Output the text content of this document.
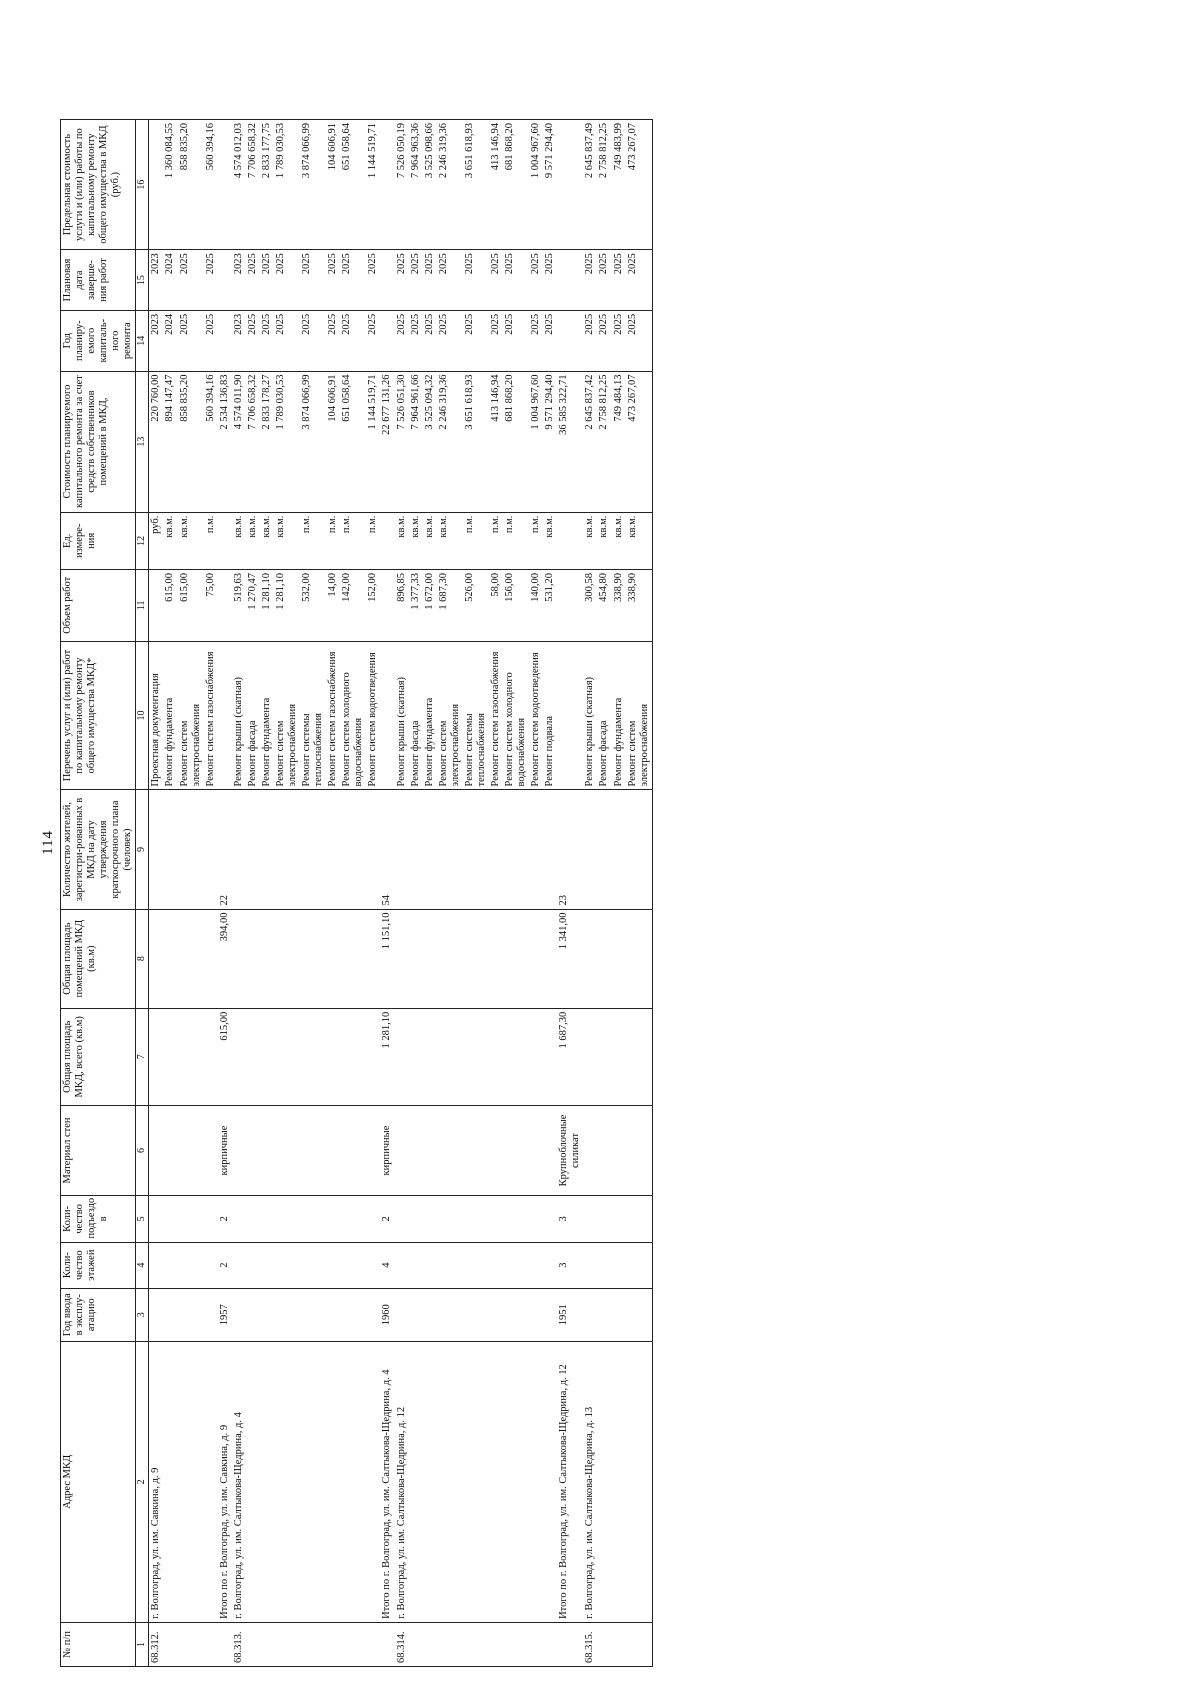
114
№ п/п	Адрес МКД	Год ввода в эксплу-атацию	Коли-чество этажей	Коли-чество подъездо в	Материал стен	Общая площадь МКД, всего (кв.м)	Общая площадь помещений МКД (кв.м)	Количество жителей, зарегистри-рованных в МКД на дату утверждения краткосрочного плана (человек)	Перечень услуг и (или) работ по капитальному ремонту общего имущества МКД*	Объем работ	Ед. измере-ния	Стоимость планируемого капитального ремонта за счет средств собственников помещений в МКД,	Год планиру-емого капиталь-ного ремонта	Плановая дата заверше-ния работ	Предельная стоимость услуги и (или) работы по капитальному ремонту общего имущества в МКД (руб.)
1	2	3	4	5	6	7	8	9	10	11	12	13	14	15	16
68.312.	г. Волгоград, ул. им. Савкина, д. 9								Проектная документация		руб.	220 760,00	2023	2023	
									Ремонт фундамента	615,00	кв.м.	894 147,47	2024	2024	1 360 084,55
									Ремонт систем электроснабжения	615,00	кв.м.	858 835,20	2025	2025	858 835,20
									Ремонт систем газоснабжения	75,00	п.м.	560 394,16	2025	2025	560 394,16
	Итого по г. Волгоград, ул. им. Савкина, д. 9	1957	2	2	кирпичные	615,00	394,00	22				2 534 136,83			
68.313.	г. Волгоград, ул. им. Салтыкова-Щедрина, д. 4								Ремонт крыши (скатная)	519,63	кв.м.	4 574 011,90	2023	2023	4 574 012,03
									Ремонт фасада	1 270,47	кв.м.	7 706 658,32	2025	2025	7 706 658,32
									Ремонт фундамента	1 281,10	кв.м.	2 833 178,27	2025	2025	2 833 177,75
									Ремонт систем электроснабжения	1 281,10	кв.м.	1 789 030,53	2025	2025	1 789 030,53
									Ремонт системы теплоснабжения	532,00	п.м.	3 874 066,99	2025	2025	3 874 066,99
									Ремонт систем газоснабжения	14,00	п.м.	104 606,91	2025	2025	104 606,91
									Ремонт систем холодного водоснабжения	142,00	п.м.	651 058,64	2025	2025	651 058,64
									Ремонт систем водоотведения	152,00	п.м.	1 144 519,71	2025	2025	1 144 519,71
	Итого по г. Волгоград, ул. им. Салтыкова-Щедрина, д. 4	1960	4	2	кирпичные	1 281,10	1 151,10	54				22 677 131,26			
68.314.	г. Волгоград, ул. им. Салтыкова-Щедрина, д. 12								Ремонт крыши (скатная)	896,85	кв.м.	7 526 051,30	2025	2025	7 526 050,19
									Ремонт фасада	1 377,33	кв.м.	7 964 961,66	2025	2025	7 964 963,36
									Ремонт фундамента	1 672,00	кв.м.	3 525 094,32	2025	2025	3 525 098,66
									Ремонт систем электроснабжения	1 687,30	кв.м.	2 246 319,36	2025	2025	2 246 319,36
									Ремонт системы теплоснабжения	526,00	п.м.	3 651 618,93	2025	2025	3 651 618,93
									Ремонт систем газоснабжения	58,00	п.м.	413 146,94	2025	2025	413 146,94
									Ремонт систем холодного водоснабжения	156,00	п.м.	681 868,20	2025	2025	681 868,20
									Ремонт систем водоотведения	140,00	п.м.	1 004 967,60	2025	2025	1 004 967,60
									Ремонт подвала	531,20	кв.м.	9 571 294,40	2025	2025	9 571 294,40
	Итого по г. Волгоград, ул. им. Салтыкова-Щедрина, д. 12	1951	3	3	Крупноблочные силикат	1 687,30	1 341,00	23				36 585 322,71			
68.315.	г. Волгоград, ул. им. Салтыкова-Щедрина, д. 13								Ремонт крыши (скатная)	300,58	кв.м.	2 645 837,42	2025	2025	2 645 837,49
									Ремонт фасада	454,80	кв.м.	2 758 812,25	2025	2025	2 758 812,25
									Ремонт фундамента	338,90	кв.м.	749 484,13	2025	2025	749 483,99
									Ремонт систем электроснабжения	338,90	кв.м.	473 267,07	2025	2025	473 267,07
